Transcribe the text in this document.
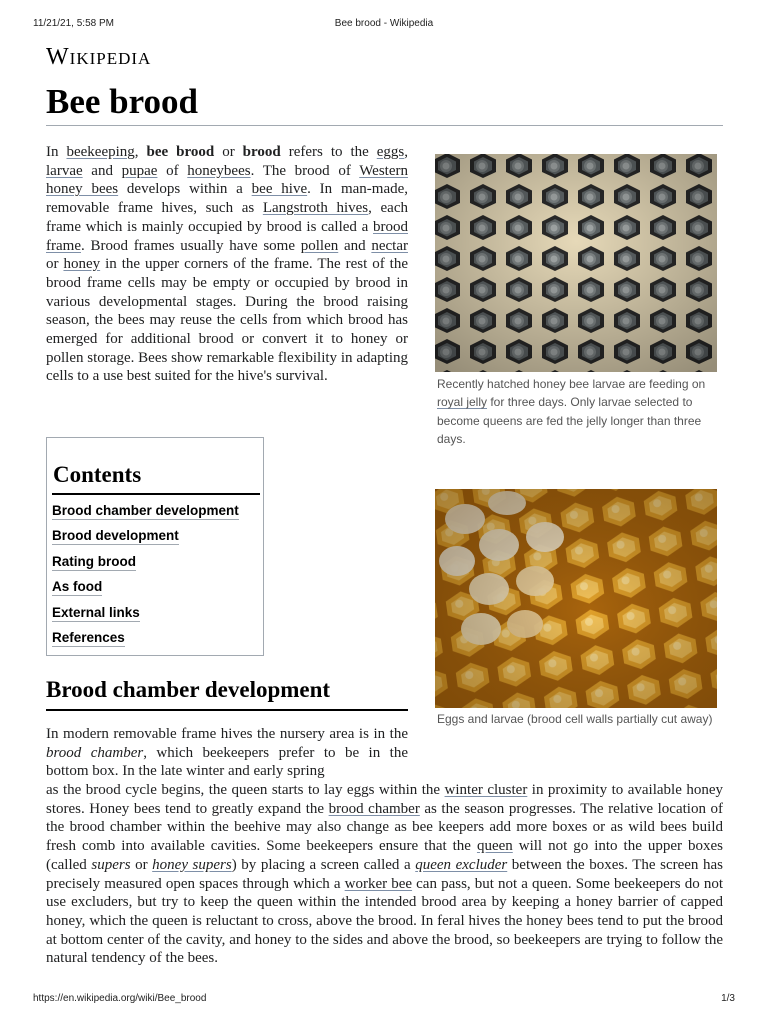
11/21/21, 5:58 PM	Bee brood - Wikipedia
Wikipedia
Bee brood

In beekeeping, bee brood or brood refers to the eggs, larvae and pupae of honeybees. The brood of Western honey bees develops within a bee hive. In man-made, removable frame hives, such as Langstroth hives, each frame which is mainly occupied by brood is called a brood frame. Brood frames usually have some pollen and nectar or honey in the upper corners of the frame. The rest of the brood frame cells may be empty or occupied by brood in various developmental stages. During the brood raising season, the bees may reuse the cells from which brood has emerged for additional brood or convert it to honey or pollen storage. Bees show remarkable flexibility in adapting cells to a use best suited for the hive's survival.	Recently hatched honey bee larvae are feeding on royal jelly for three days. Only larvae selected to become queens are fed the jelly longer than three days.

Eggs and larvae (brood cell walls partially cut away)

Contents
Brood chamber development
Brood development
Rating brood
As food
External links
References
Brood chamber development

In modern removable frame hives the nursery area is in the brood chamber, which beekeepers prefer to be in the bottom box. In the late winter and early spring

as the brood cycle begins, the queen starts to lay eggs within the winter cluster in proximity to available honey stores. Honey bees tend to greatly expand the brood chamber as the season progresses. The relative location of the brood chamber within the beehive may also change as bee keepers add more boxes or as wild bees build fresh comb into available cavities. Some beekeepers ensure that the queen will not go into the upper boxes (called supers or honey supers) by placing a screen called a queen excluder between the boxes. The screen has precisely measured open spaces through which a worker bee can pass, but not a queen. Some beekeepers do not use excluders, but try to keep the queen within the intended brood area by keeping a honey barrier of capped honey, which the queen is reluctant to cross, above the brood. In feral hives the honey bees tend to put the brood at bottom center of the cavity, and honey to the sides and above the brood, so beekeepers are trying to follow the natural tendency of the bees.

https://en.wikipedia.org/wiki/Bee_brood	1/3
